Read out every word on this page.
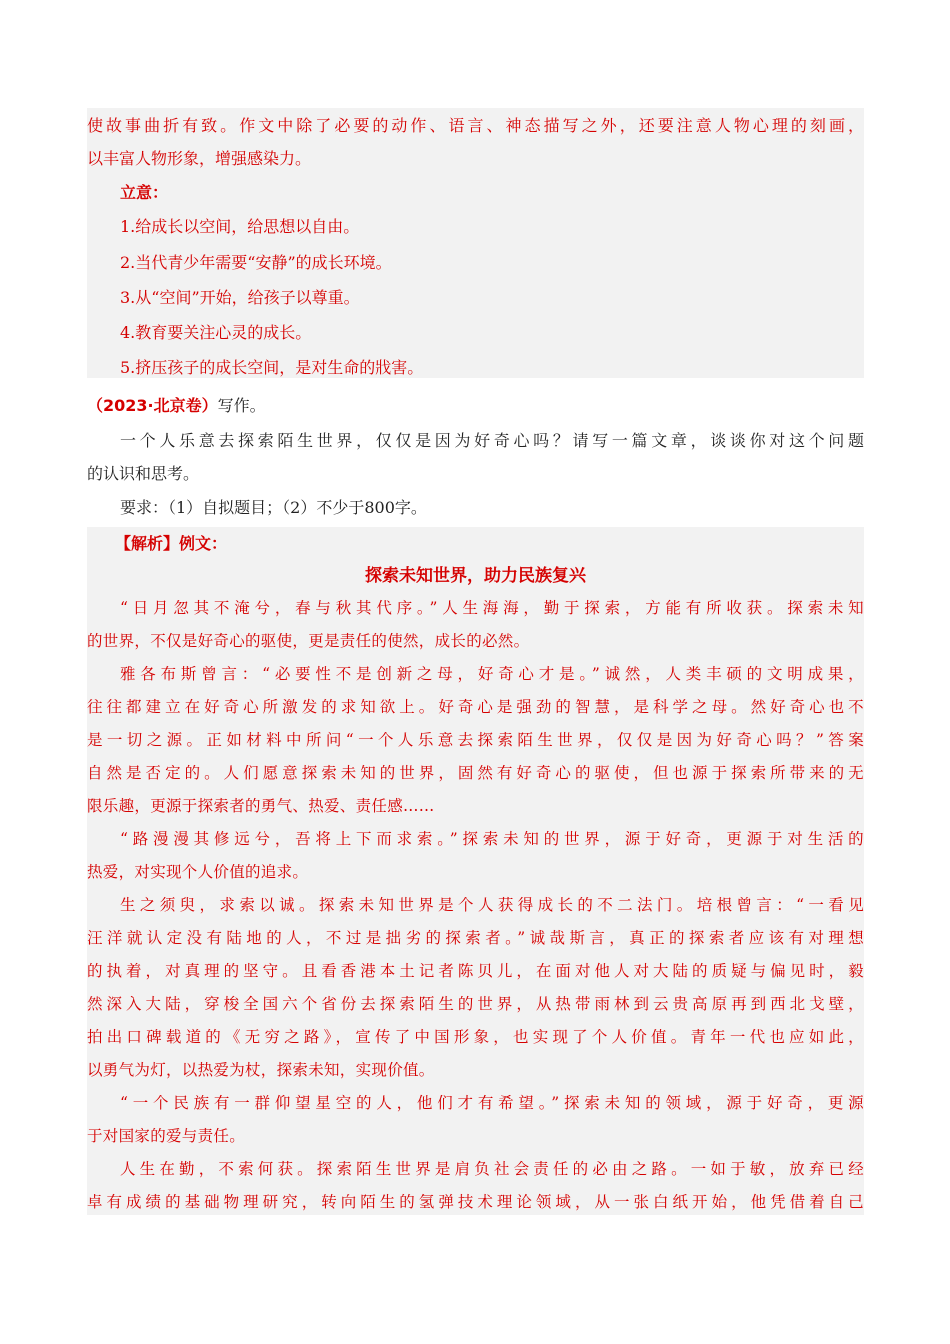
使故事曲折有致。作文中除了必要的动作、语言、神态描写之外，还要注意人物心理的刻画，
以丰富人物形象，增强感染力。
立意：
1.给成长以空间，给思想以自由。
2.当代青少年需要“安静”的成长环境。
3.从“空间”开始，给孩子以尊重。
4.教育要关注心灵的成长。
5.挤压孩子的成长空间，是对生命的戕害。
（2023·北京卷）写作。
一个人乐意去探索陌生世界，仅仅是因为好奇心吗？请写一篇文章，谈谈你对这个问题
的认识和思考。
要求：（1）自拟题目；（2）不少于800字。
【解析】例文：
探索未知世界，助力民族复兴
“日月忽其不淹兮，春与秋其代序。”人生海海，勤于探索，方能有所收获。探索未知
的世界，不仅是好奇心的驱使，更是责任的使然，成长的必然。
雅各布斯曾言：“必要性不是创新之母，好奇心才是。”诚然，人类丰硕的文明成果，
往往都建立在好奇心所激发的求知欲上。好奇心是强劲的智慧，是科学之母。然好奇心也不
是一切之源。正如材料中所问“一个人乐意去探索陌生世界，仅仅是因为好奇心吗？”答案
自然是否定的。人们愿意探索未知的世界，固然有好奇心的驱使，但也源于探索所带来的无
限乐趣，更源于探索者的勇气、热爱、责任感……
“路漫漫其修远兮，吾将上下而求索。”探索未知的世界，源于好奇，更源于对生活的
热爱，对实现个人价值的追求。
生之须臾，求索以诚。探索未知世界是个人获得成长的不二法门。培根曾言：“一看见
汪洋就认定没有陆地的人，不过是拙劣的探索者。”诚哉斯言，真正的探索者应该有对理想
的执着，对真理的坚守。且看香港本土记者陈贝儿，在面对他人对大陆的质疑与偏见时，毅
然深入大陆，穿梭全国六个省份去探索陌生的世界，从热带雨林到云贵高原再到西北戈壁，
拍出口碑载道的《无穷之路》，宣传了中国形象，也实现了个人价值。青年一代也应如此，
以勇气为灯，以热爱为杖，探索未知，实现价值。
“一个民族有一群仰望星空的人，他们才有希望。”探索未知的领域，源于好奇，更源
于对国家的爱与责任。
人生在勤，不索何获。探索陌生世界是肩负社会责任的必由之路。一如于敏，放弃已经
卓有成绩的基础物理研究，转向陌生的氢弹技术理论领域，从一张白纸开始，他凭借着自己
